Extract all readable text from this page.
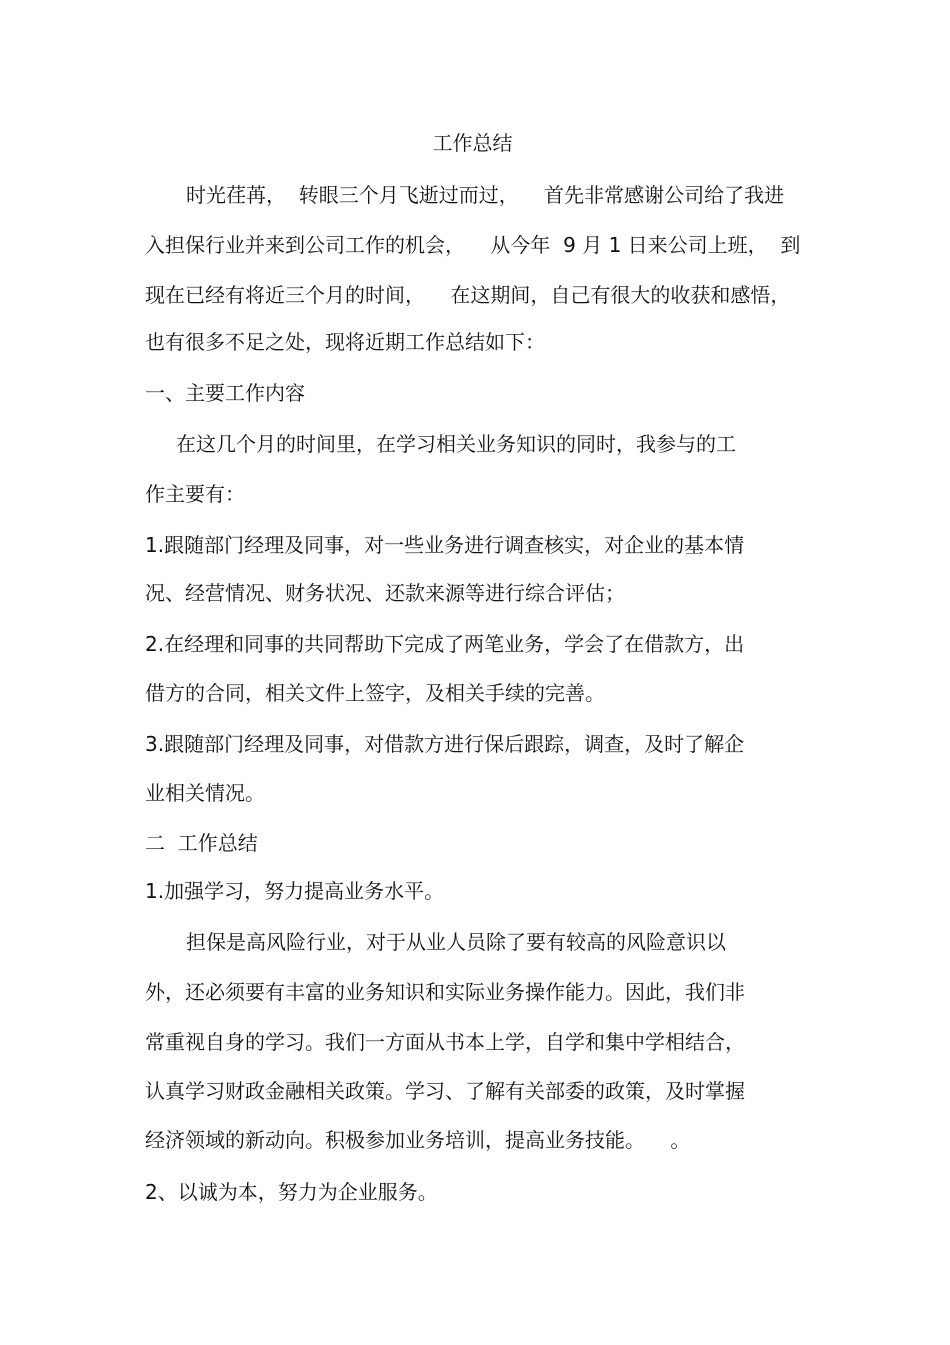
工作总结
时光荏苒，  转眼三个月飞逝过而过，    首先非常感谢公司给了我进
入担保行业并来到公司工作的机会，    从今年  9 月 1 日来公司上班，  到
现在已经有将近三个月的时间，    在这期间，自己有很大的收获和感悟，
也有很多不足之处，现将近期工作总结如下：
一、主要工作内容
在这几个月的时间里，在学习相关业务知识的同时，我参与的工
作主要有：
1.跟随部门经理及同事，对一些业务进行调查核实，对企业的基本情
况、经营情况、财务状况、还款来源等进行综合评估；
2.在经理和同事的共同帮助下完成了两笔业务，学会了在借款方，出
借方的合同，相关文件上签字，及相关手续的完善。
3.跟随部门经理及同事，对借款方进行保后跟踪，调查，及时了解企
业相关情况。
二  工作总结
1.加强学习，努力提高业务水平。
担保是高风险行业，对于从业人员除了要有较高的风险意识以
外，还必须要有丰富的业务知识和实际业务操作能力。因此，我们非
常重视自身的学习。我们一方面从书本上学，自学和集中学相结合，
认真学习财政金融相关政策。学习、了解有关部委的政策，及时掌握
经济领域的新动向。积极参加业务培训，提高业务技能。    。
2、以诚为本，努力为企业服务。
